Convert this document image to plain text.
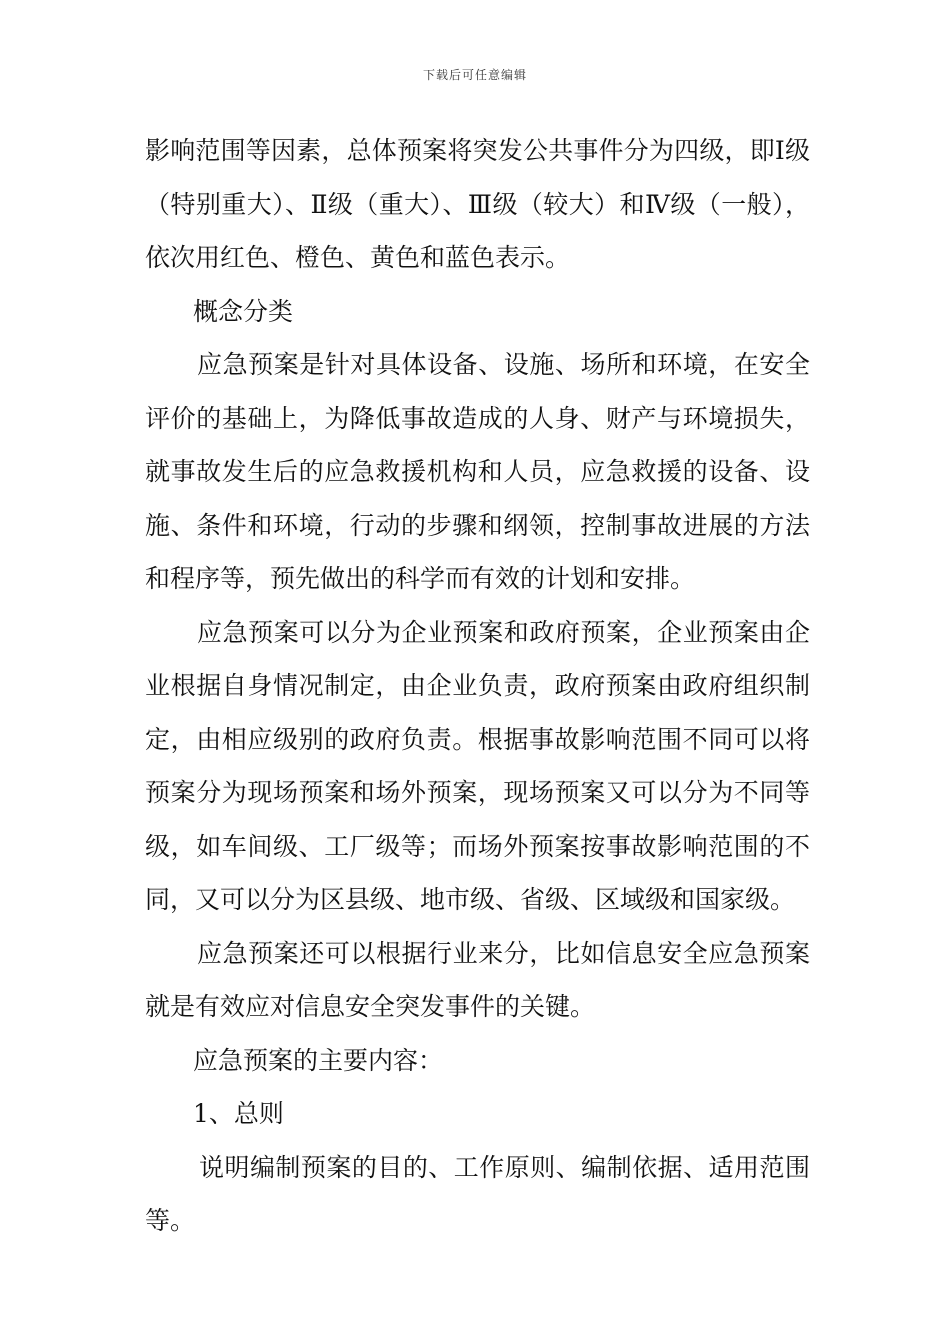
下载后可任意编辑

影响范围等因素，总体预案将突发公共事件分为四级，即Ⅰ级（特别重大）、Ⅱ级（重大）、Ⅲ级（较大）和Ⅳ级（一般），依次用红色、橙色、黄色和蓝色表示。

概念分类

应急预案是针对具体设备、设施、场所和环境，在安全评价的基础上，为降低事故造成的人身、财产与环境损失，就事故发生后的应急救援机构和人员，应急救援的设备、设施、条件和环境，行动的步骤和纲领，控制事故进展的方法和程序等，预先做出的科学而有效的计划和安排。

应急预案可以分为企业预案和政府预案，企业预案由企业根据自身情况制定，由企业负责，政府预案由政府组织制定，由相应级别的政府负责。根据事故影响范围不同可以将预案分为现场预案和场外预案，现场预案又可以分为不同等级，如车间级、工厂级等；而场外预案按事故影响范围的不同，又可以分为区县级、地市级、省级、区域级和国家级。

应急预案还可以根据行业来分，比如信息安全应急预案就是有效应对信息安全突发事件的关键。

应急预案的主要内容：

1、总则

说明编制预案的目的、工作原则、编制依据、适用范围等。
